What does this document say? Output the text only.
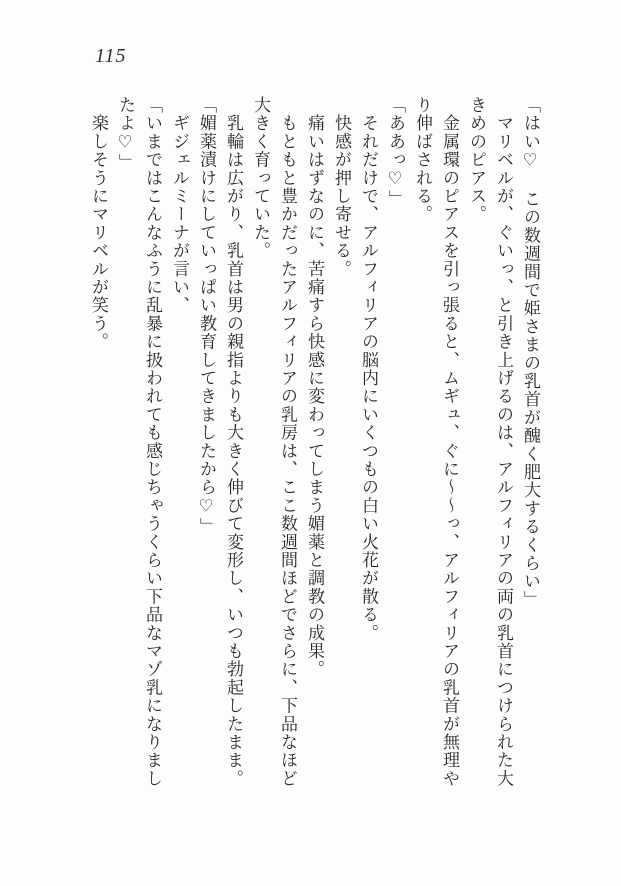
115

「はい♡　この数週間で姫さまの乳首が醜く肥大するくらい」

　マリベルが、ぐいっ、と引き上げるのは、アルフィリアの両の乳首につけられた大

きめのピアス。

　金属環のピアスを引っ張ると、ムギュ、ぐに〜〜っ、アルフィリアの乳首が無理や

り伸ばされる。

「ああっ♡」

　それだけで、アルフィリアの脳内にいくつもの白い火花が散る。

　快感が押し寄せる。

　痛いはずなのに、苦痛すら快感に変わってしまう媚薬と調教の成果。

　もともと豊かだったアルフィリアの乳房は、ここ数週間ほどでさらに、下品なほど

大きく育っていた。

　乳輪は広がり、乳首は男の親指よりも大きく伸びて変形し、いつも勃起したまま。

「媚薬漬けにしていっぱい教育してきましたから♡」

　ギジェルミーナが言い、

「いまではこんなふうに乱暴に扱われても感じちゃうくらい下品なマゾ乳になりまし

たよ♡」

　楽しそうにマリベルが笑う。
